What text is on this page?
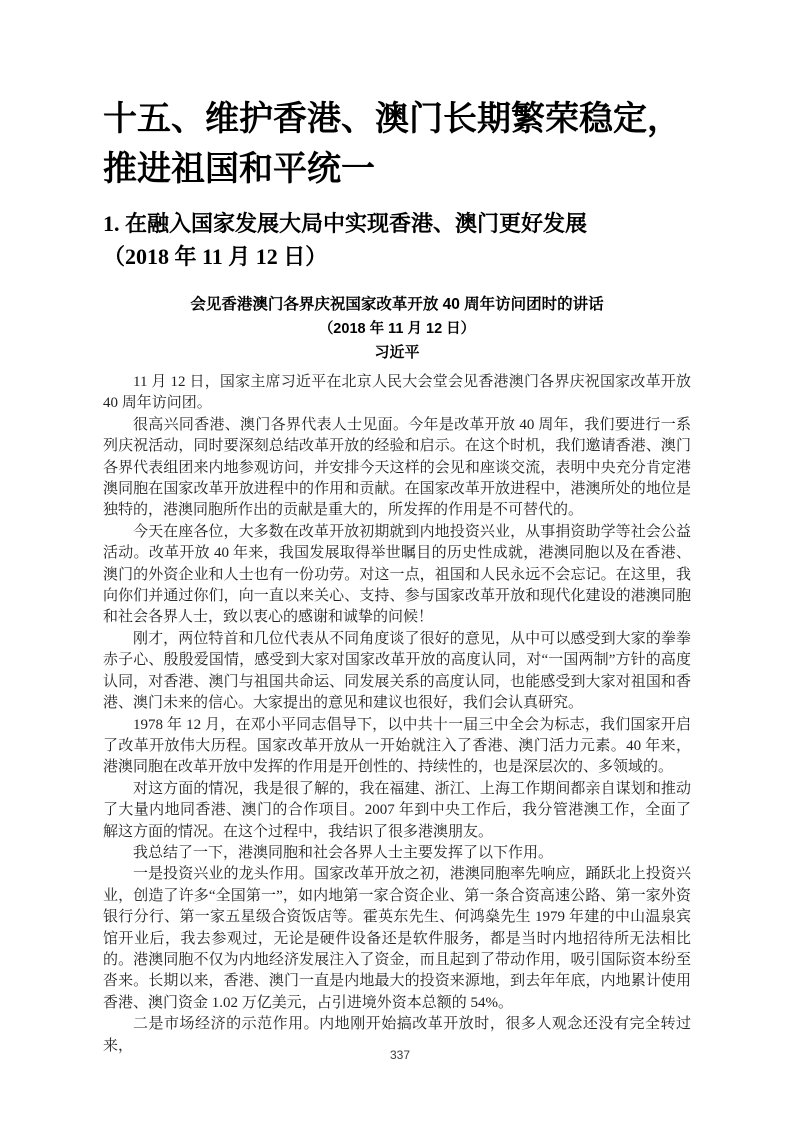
十五、维护香港、澳门长期繁荣稳定，推进祖国和平统一
1. 在融入国家发展大局中实现香港、澳门更好发展
（2018 年 11 月 12 日）
会见香港澳门各界庆祝国家改革开放 40 周年访问团时的讲话
（2018 年 11 月 12 日）
习近平

11 月 12 日，国家主席习近平在北京人民大会堂会见香港澳门各界庆祝国家改革开放 40 周年访问团。

很高兴同香港、澳门各界代表人士见面。今年是改革开放 40 周年，我们要进行一系列庆祝活动，同时要深刻总结改革开放的经验和启示。在这个时机，我们邀请香港、澳门各界代表组团来内地参观访问，并安排今天这样的会见和座谈交流，表明中央充分肯定港澳同胞在国家改革开放进程中的作用和贡献。在国家改革开放进程中，港澳所处的地位是独特的，港澳同胞所作出的贡献是重大的，所发挥的作用是不可替代的。

今天在座各位，大多数在改革开放初期就到内地投资兴业，从事捐资助学等社会公益活动。改革开放 40 年来，我国发展取得举世瞩目的历史性成就，港澳同胞以及在香港、澳门的外资企业和人士也有一份功劳。对这一点，祖国和人民永远不会忘记。在这里，我向你们并通过你们，向一直以来关心、支持、参与国家改革开放和现代化建设的港澳同胞和社会各界人士，致以衷心的感谢和诚挚的问候！

刚才，两位特首和几位代表从不同角度谈了很好的意见，从中可以感受到大家的拳拳赤子心、殷殷爱国情，感受到大家对国家改革开放的高度认同，对“一国两制”方针的高度认同，对香港、澳门与祖国共命运、同发展关系的高度认同，也能感受到大家对祖国和香港、澳门未来的信心。大家提出的意见和建议也很好，我们会认真研究。

1978 年 12 月，在邓小平同志倡导下，以中共十一届三中全会为标志，我们国家开启了改革开放伟大历程。国家改革开放从一开始就注入了香港、澳门活力元素。40 年来，港澳同胞在改革开放中发挥的作用是开创性的、持续性的，也是深层次的、多领域的。

对这方面的情况，我是很了解的，我在福建、浙江、上海工作期间都亲自谋划和推动了大量内地同香港、澳门的合作项目。2007 年到中央工作后，我分管港澳工作，全面了解这方面的情况。在这个过程中，我结识了很多港澳朋友。

我总结了一下，港澳同胞和社会各界人士主要发挥了以下作用。

一是投资兴业的龙头作用。国家改革开放之初，港澳同胞率先响应，踊跃北上投资兴业，创造了许多“全国第一”，如内地第一家合资企业、第一条合资高速公路、第一家外资银行分行、第一家五星级合资饭店等。霍英东先生、何鸿燊先生 1979 年建的中山温泉宾馆开业后，我去参观过，无论是硬件设备还是软件服务，都是当时内地招待所无法相比的。港澳同胞不仅为内地经济发展注入了资金，而且起到了带动作用，吸引国际资本纷至沓来。长期以来，香港、澳门一直是内地最大的投资来源地，到去年年底，内地累计使用香港、澳门资金 1.02 万亿美元，占引进境外资本总额的 54%。

二是市场经济的示范作用。内地刚开始搞改革开放时，很多人观念还没有完全转过来，

337
